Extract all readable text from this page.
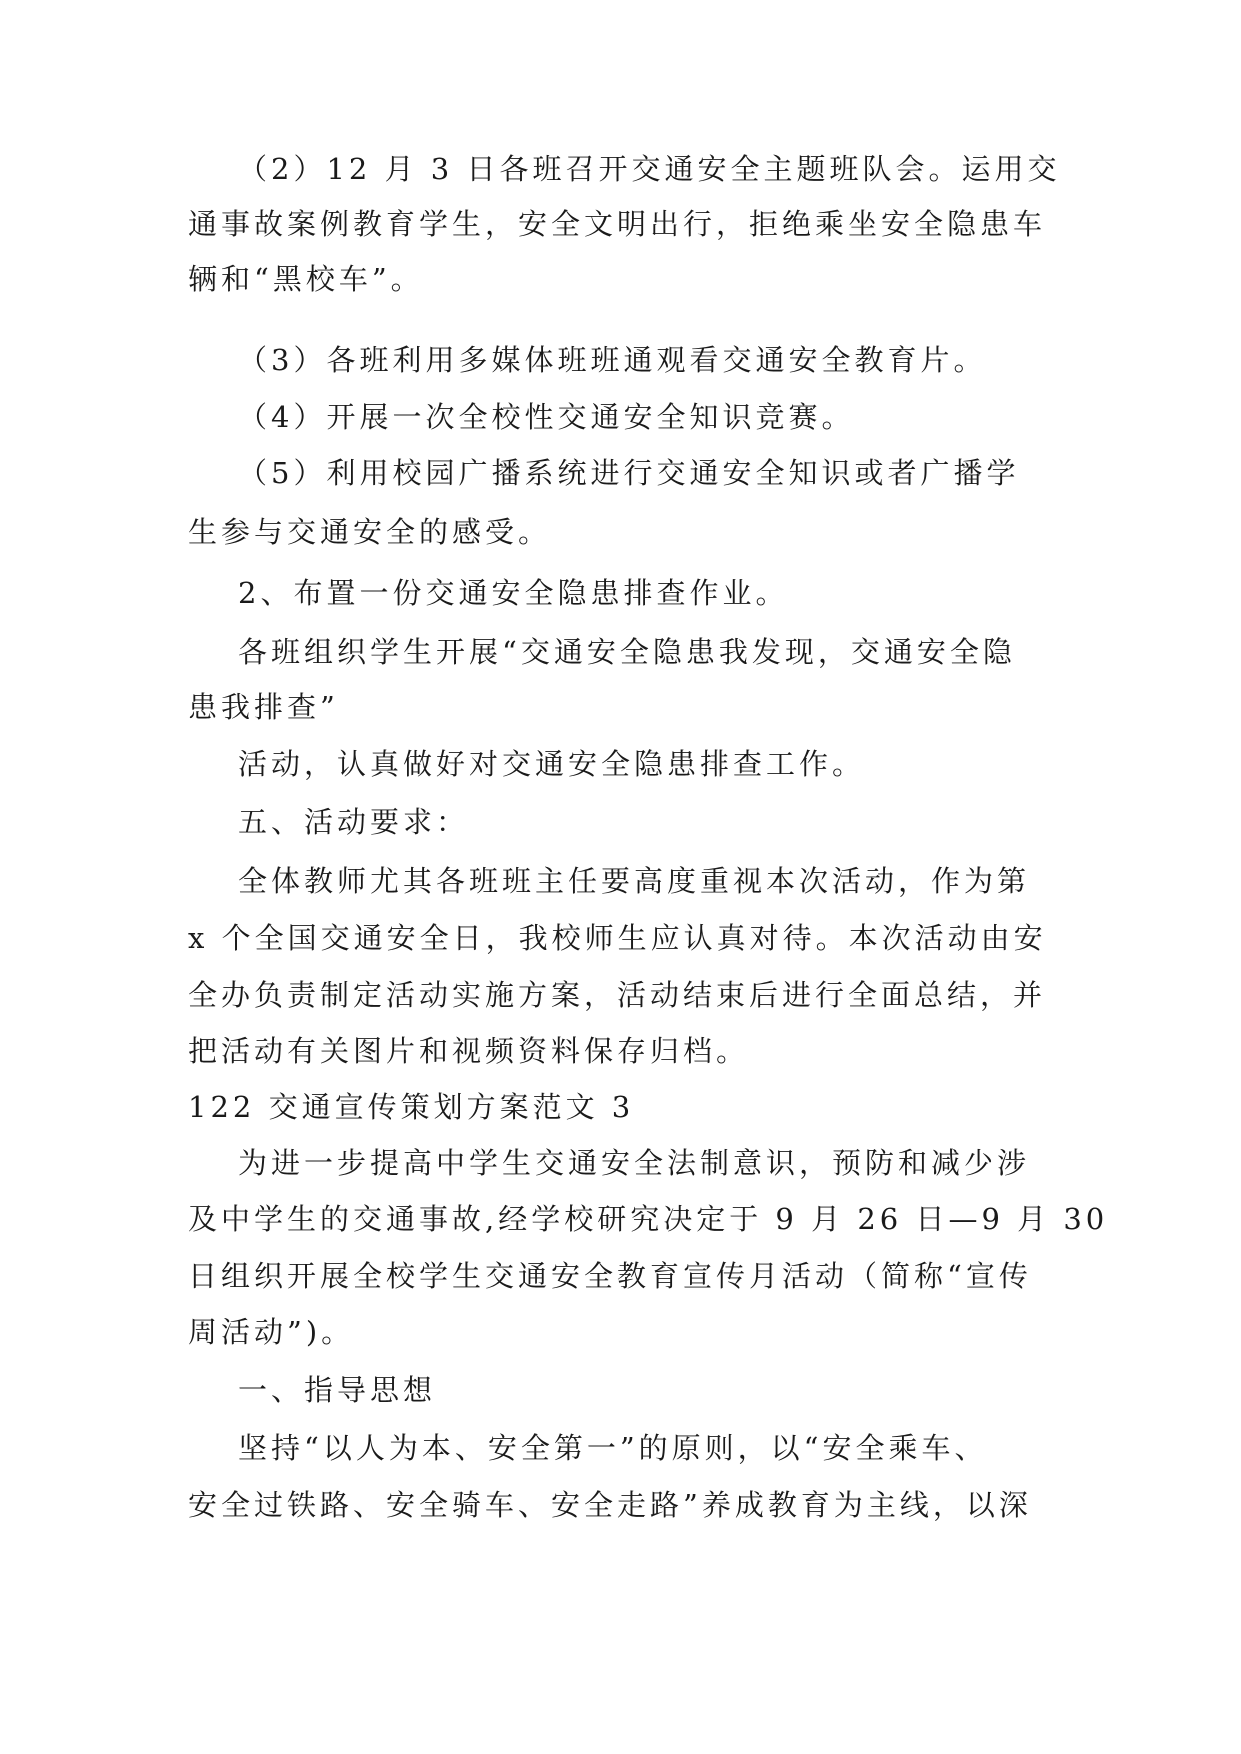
（2）12 月 3 日各班召开交通安全主题班队会。运用交
通事故案例教育学生，安全文明出行，拒绝乘坐安全隐患车
辆和“黑校车”。
（3）各班利用多媒体班班通观看交通安全教育片。
（4）开展一次全校性交通安全知识竞赛。
（5）利用校园广播系统进行交通安全知识或者广播学
生参与交通安全的感受。
2、布置一份交通安全隐患排查作业。
各班组织学生开展“交通安全隐患我发现，交通安全隐
患我排查”
活动，认真做好对交通安全隐患排查工作。
五、活动要求：
全体教师尤其各班班主任要高度重视本次活动，作为第
x 个全国交通安全日，我校师生应认真对待。本次活动由安
全办负责制定活动实施方案，活动结束后进行全面总结，并
把活动有关图片和视频资料保存归档。
122 交通宣传策划方案范文 3
为进一步提高中学生交通安全法制意识，预防和减少涉
及中学生的交通事故,经学校研究决定于 9 月 26 日—9 月 30
日组织开展全校学生交通安全教育宣传月活动（简称“宣传
周活动”)。
一、指导思想
坚持“以人为本、安全第一”的原则，以“安全乘车、
安全过铁路、安全骑车、安全走路”养成教育为主线，以深
